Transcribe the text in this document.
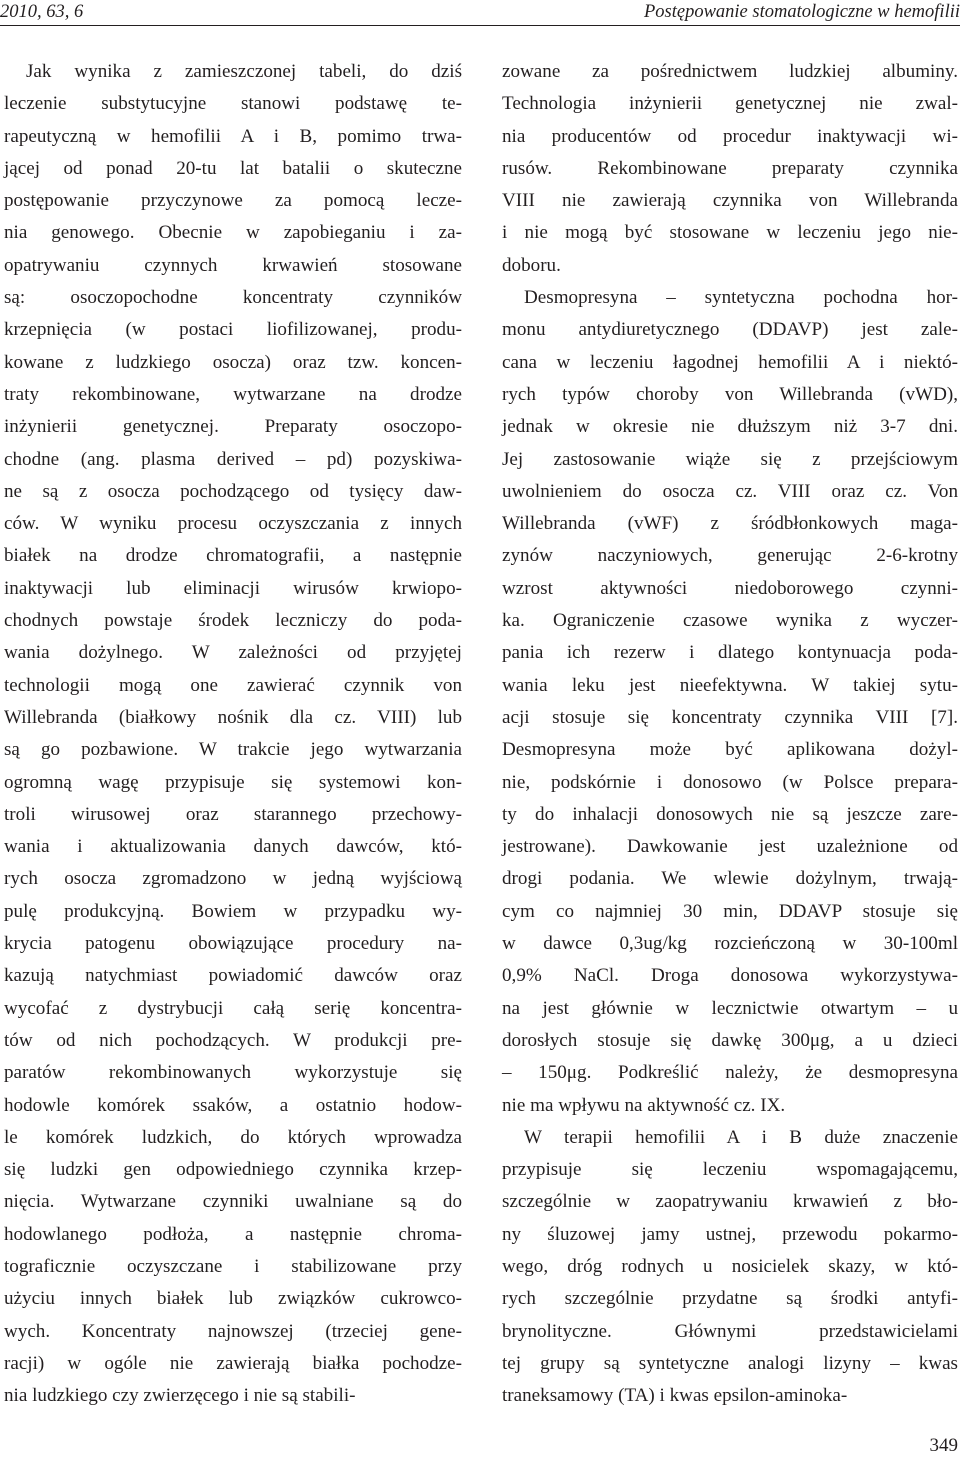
2010, 63, 6	Postępowanie stomatologiczne w hemofilii
Jak wynika z zamieszczonej tabeli, do dziś
leczenie substytucyjne stanowi podstawę te-
rapeutyczną w hemofilii A i B, pomimo trwa-
jącej od ponad 20-tu lat batalii o skuteczne
postępowanie przyczynowe za pomocą lecze-
nia genowego. Obecnie w zapobieganiu i za-
opatrywaniu czynnych krwawień stosowane
są: osoczopochodne koncentraty czynników
krzepnięcia (w postaci liofilizowanej, produ-
kowane z ludzkiego osocza) oraz tzw. koncen-
traty rekombinowane, wytwarzane na drodze
inżynierii genetycznej. Preparaty osoczopo-
chodne (ang. plasma derived – pd) pozyskiwa-
ne są z osocza pochodzącego od tysięcy daw-
ców. W wyniku procesu oczyszczania z innych
białek na drodze chromatografii, a następnie
inaktywacji lub eliminacji wirusów krwiopo-
chodnych powstaje środek leczniczy do poda-
wania dożylnego. W zależności od przyjętej
technologii mogą one zawierać czynnik von
Willebranda (białkowy nośnik dla cz. VIII) lub
są go pozbawione. W trakcie jego wytwarzania
ogromną wagę przypisuje się systemowi kon-
troli wirusowej oraz starannego przechowy-
wania i aktualizowania danych dawców, któ-
rych osocza zgromadzono w jedną wyjściową
pulę produkcyjną. Bowiem w przypadku wy-
krycia patogenu obowiązujące procedury na-
kazują natychmiast powiadomić dawców oraz
wycofać z dystrybucji całą serię koncentra-
tów od nich pochodzących. W produkcji pre-
paratów rekombinowanych wykorzystuje się
hodowle komórek ssaków, a ostatnio hodow-
le komórek ludzkich, do których wprowadza
się ludzki gen odpowiedniego czynnika krzep-
nięcia. Wytwarzane czynniki uwalniane są do
hodowlanego podłoża, a następnie chroma-
tograficznie oczyszczane i stabilizowane przy
użyciu innych białek lub związków cukrowco-
wych. Koncentraty najnowszej (trzeciej gene-
racji) w ogóle nie zawierają białka pochodze-
nia ludzkiego czy zwierzęcego i nie są stabili-
zowane za pośrednictwem ludzkiej albuminy.
Technologia inżynierii genetycznej nie zwal-
nia producentów od procedur inaktywacji wi-
rusów. Rekombinowane preparaty czynnika
VIII nie zawierają czynnika von Willebranda
i nie mogą być stosowane w leczeniu jego nie-
doboru.
Desmopresyna – syntetyczna pochodna hor-
monu antydiuretycznego (DDAVP) jest zale-
cana w leczeniu łagodnej hemofilii A i niektó-
rych typów choroby von Willebranda (vWD),
jednak w okresie nie dłuższym niż 3-7 dni.
Jej zastosowanie wiąże się z przejściowym
uwolnieniem do osocza cz. VIII oraz cz. Von
Willebranda (vWF) z śródbłonkowych maga-
zynów naczyniowych, generując 2-6-krotny
wzrost aktywności niedoborowego czynni-
ka. Ograniczenie czasowe wynika z wyczer-
pania ich rezerw i dlatego kontynuacja poda-
wania leku jest nieefektywna. W takiej sytu-
acji stosuje się koncentraty czynnika VIII [7].
Desmopresyna może być aplikowana dożyl-
nie, podskórnie i donosowo (w Polsce prepara-
ty do inhalacji donosowych nie są jeszcze zare-
jestrowane). Dawkowanie jest uzależnione od
drogi podania. We wlewie dożylnym, trwają-
cym co najmniej 30 min, DDAVP stosuje się
w dawce 0,3ug/kg rozcieńczoną w 30-100ml
0,9% NaCl. Droga donosowa wykorzystywa-
na jest głównie w lecznictwie otwartym – u
dorosłych stosuje się dawkę 300μg, a u dzieci
– 150μg. Podkreślić należy, że desmopresyna
nie ma wpływu na aktywność cz. IX.
W terapii hemofilii A i B duże znaczenie
przypisuje się leczeniu wspomagającemu,
szczególnie w zaopatrywaniu krwawień z bło-
ny śluzowej jamy ustnej, przewodu pokarmo-
wego, dróg rodnych u nosicielek skazy, w któ-
rych szczególnie przydatne są środki antyfi-
brynolityczne. Głównymi przedstawicielami
tej grupy są syntetyczne analogi lizyny – kwas
traneksamowy (TA) i kwas epsilon-aminoka-
349
